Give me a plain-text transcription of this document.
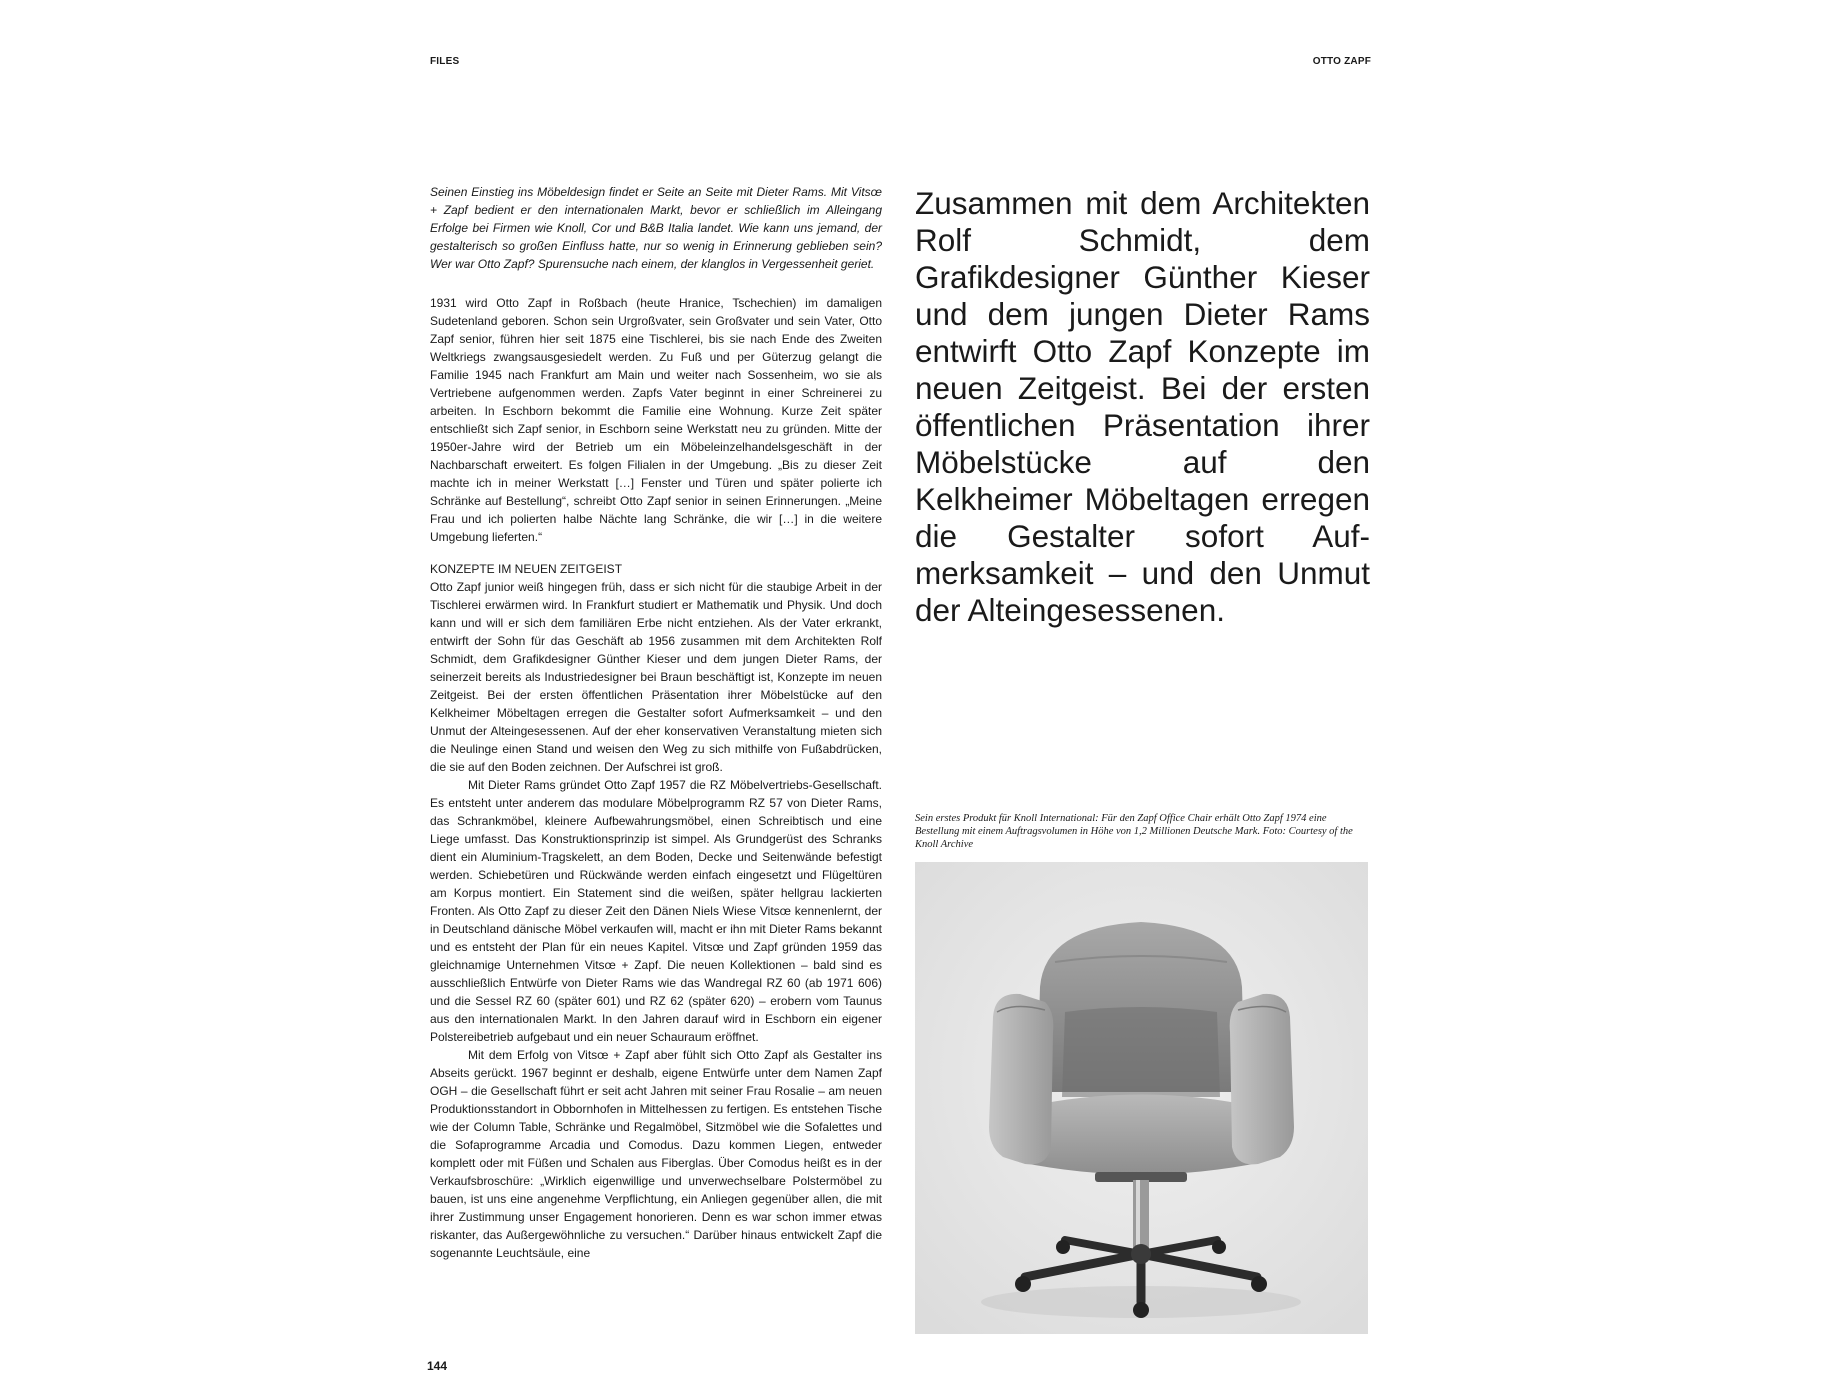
FILES	OTTO ZAPF

Seinen Einstieg ins Möbeldesign findet er Seite an Seite mit Dieter Rams. Mit Vitsœ + Zapf bedient er den internationalen Markt, bevor er schließlich im Alleingang Erfolge bei Firmen wie Knoll, Cor und B&B Italia landet. Wie kann uns jemand, der gestalterisch so großen Einfluss hatte, nur so wenig in Erinnerung geblieben sein? Wer war Otto Zapf? Spurensuche nach einem, der klanglos in Vergessenheit geriet.

1931 wird Otto Zapf in Roßbach (heute Hranice, Tschechien) im damaligen Sudetenland geboren. Schon sein Urgroßvater, sein Großvater und sein Vater, Otto Zapf senior, führen hier seit 1875 eine Tischlerei, bis sie nach Ende des Zweiten Weltkriegs zwangsausgesiedelt werden. Zu Fuß und per Güterzug gelangt die Familie 1945 nach Frankfurt am Main und weiter nach Sossenheim, wo sie als Vertriebene aufgenommen werden. Zapfs Vater beginnt in einer Schreinerei zu arbeiten. In Eschborn bekommt die Familie eine Wohnung. Kurze Zeit später entschließt sich Zapf senior, in Eschborn seine Werkstatt neu zu gründen. Mitte der 1950er-Jahre wird der Betrieb um ein Möbeleinzelhandelsgeschäft in der Nachbarschaft erweitert. Es folgen Filialen in der Umgebung. „Bis zu dieser Zeit machte ich in meiner Werkstatt […] Fenster und Türen und später polierte ich Schränke auf Bestellung“, schreibt Otto Zapf senior in seinen Erinnerungen. „Meine Frau und ich polierten halbe Nächte lang Schränke, die wir […] in die weitere Umgebung lieferten.“

KONZEPTE IM NEUEN ZEITGEIST

Otto Zapf junior weiß hingegen früh, dass er sich nicht für die staubige Arbeit in der Tischlerei erwärmen wird. In Frankfurt studiert er Mathematik und Physik. Und doch kann und will er sich dem familiären Erbe nicht entziehen. Als der Vater erkrankt, entwirft der Sohn für das Geschäft ab 1956 zusammen mit dem Architekten Rolf Schmidt, dem Grafikdesigner Günther Kieser und dem jungen Dieter Rams, der seinerzeit bereits als Industriedesigner bei Braun beschäftigt ist, Konzepte im neuen Zeitgeist. Bei der ersten öffentlichen Präsentation ihrer Möbelstücke auf den Kelkheimer Möbeltagen erregen die Gestalter sofort Aufmerksamkeit – und den Unmut der Alteingesessenen. Auf der eher konservativen Veranstaltung mieten sich die Neulinge einen Stand und weisen den Weg zu sich mithilfe von Fußabdrücken, die sie auf den Boden zeichnen. Der Aufschrei ist groß.

Mit Dieter Rams gründet Otto Zapf 1957 die RZ Möbelvertriebs-Gesellschaft. Es entsteht unter anderem das modulare Möbelprogramm RZ 57 von Dieter Rams, das Schrankmöbel, kleinere Aufbewahrungsmöbel, einen Schreibtisch und eine Liege umfasst. Das Konstruktionsprinzip ist simpel. Als Grundgerüst des Schranks dient ein Aluminium-Tragskelett, an dem Boden, Decke und Seitenwände befestigt werden. Schiebetüren und Rückwände werden einfach eingesetzt und Flügeltüren am Korpus montiert. Ein Statement sind die weißen, später hellgrau lackierten Fronten. Als Otto Zapf zu dieser Zeit den Dänen Niels Wiese Vitsœ kennenlernt, der in Deutschland dänische Möbel verkaufen will, macht er ihn mit Dieter Rams bekannt und es entsteht der Plan für ein neues Kapitel. Vitsœ und Zapf gründen 1959 das gleichnamige Unternehmen Vitsœ + Zapf. Die neuen Kollektionen – bald sind es ausschließlich Entwürfe von Dieter Rams wie das Wandregal RZ 60 (ab 1971 606) und die Sessel RZ 60 (später 601) und RZ 62 (später 620) – erobern vom Taunus aus den internationalen Markt. In den Jahren darauf wird in Eschborn ein eigener Polstereibetrieb aufgebaut und ein neuer Schauraum eröffnet.

Mit dem Erfolg von Vitsœ + Zapf aber fühlt sich Otto Zapf als Gestalter ins Abseits gerückt. 1967 beginnt er deshalb, eigene Entwürfe unter dem Namen Zapf OGH – die Gesellschaft führt er seit acht Jahren mit seiner Frau Rosalie – am neuen Produktionsstandort in Obbornhofen in Mittelhessen zu fertigen. Es entstehen Tische wie der Column Table, Schränke und Regalmöbel, Sitzmöbel wie die Sofalettes und die Sofaprogramme Arcadia und Comodus. Dazu kommen Liegen, entweder komplett oder mit Füßen und Schalen aus Fiberglas. Über Comodus heißt es in der Verkaufsbroschüre: „Wirklich eigenwillige und unverwechselbare Polstermöbel zu bauen, ist uns eine angenehme Verpflichtung, ein Anliegen gegenüber allen, die mit ihrer Zustimmung unser Engagement honorieren. Denn es war schon immer etwas riskanter, das Außergewöhnliche zu versuchen.“ Darüber hinaus entwickelt Zapf die sogenannte Leuchtsäule, eine

Zusammen mit dem Architekten Rolf Schmidt, dem Grafikdesigner Günther Kieser und dem jungen Dieter Rams entwirft Otto Zapf Konzepte im neuen Zeitgeist. Bei der ersten öffentlichen Präsentation ihrer Möbelstücke auf den Kelkheimer Möbeltagen erregen die Gestalter sofort Aufmerksamkeit – und den Unmut der Alteingesessenen.
Sein erstes Produkt für Knoll International: Für den Zapf Office Chair erhält Otto Zapf 1974 eine Bestellung mit einem Auftragsvolumen in Höhe von 1,2 Millionen Deutsche Mark. Foto: Courtesy of the Knoll Archive
144
